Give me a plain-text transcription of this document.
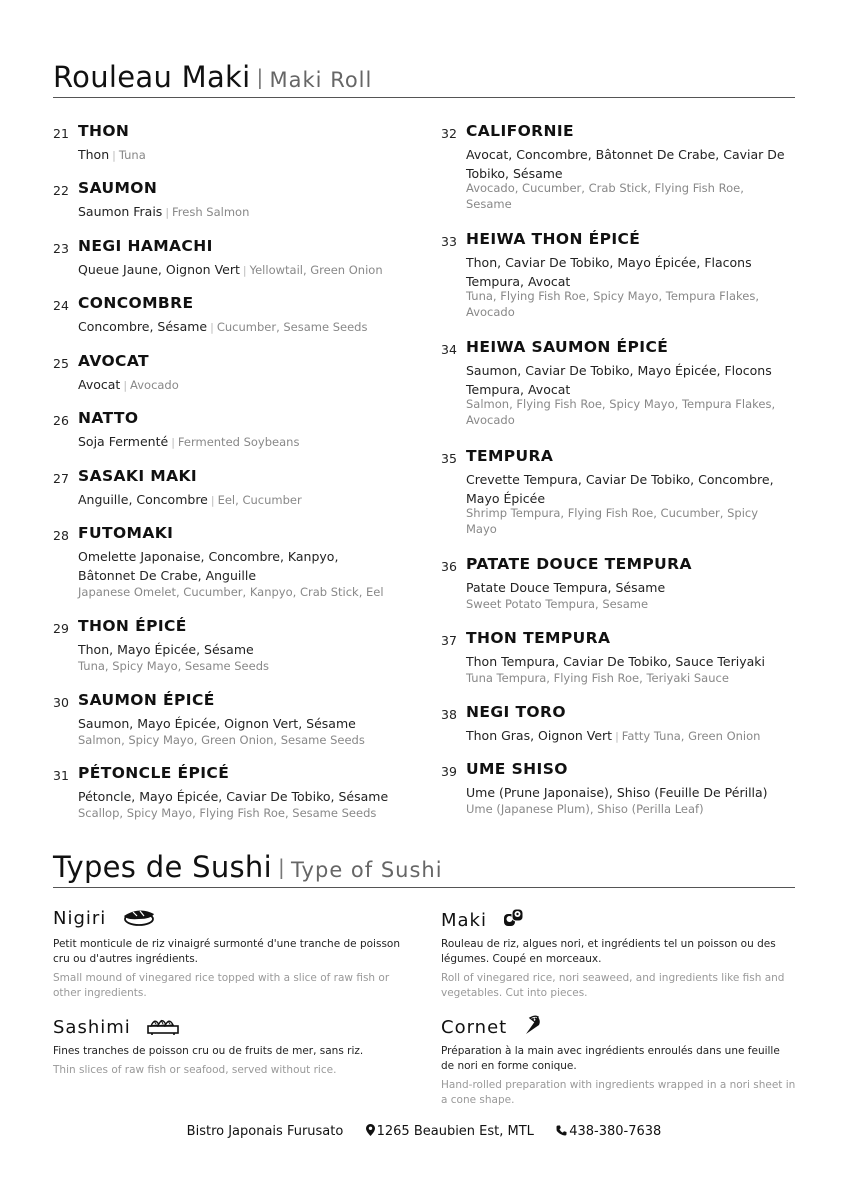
Rouleau Maki | Maki Roll
21 THON
Thon | Tuna
22 SAUMON
Saumon Frais | Fresh Salmon
23 NEGI HAMACHI
Queue Jaune, Oignon Vert | Yellowtail, Green Onion
24 CONCOMBRE
Concombre, Sésame | Cucumber, Sesame Seeds
25 AVOCAT
Avocat | Avocado
26 NATTO
Soja Fermenté | Fermented Soybeans
27 SASAKI MAKI
Anguille, Concombre | Eel, Cucumber
28 FUTOMAKI
Omelette Japonaise, Concombre, Kanpyo, Bâtonnet De Crabe, Anguille
Japanese Omelet, Cucumber, Kanpyo, Crab Stick, Eel
29 THON ÉPICÉ
Thon, Mayo Épicée, Sésame
Tuna, Spicy Mayo, Sesame Seeds
30 SAUMON ÉPICÉ
Saumon, Mayo Épicée, Oignon Vert, Sésame
Salmon, Spicy Mayo, Green Onion, Sesame Seeds
31 PÉTONCLE ÉPICÉ
Pétoncle, Mayo Épicée, Caviar De Tobiko, Sésame
Scallop, Spicy Mayo, Flying Fish Roe, Sesame Seeds
32 CALIFORNIE
Avocat, Concombre, Bâtonnet De Crabe, Caviar De Tobiko, Sésame
Avocado, Cucumber, Crab Stick, Flying Fish Roe, Sesame
33 HEIWA THON ÉPICÉ
Thon, Caviar De Tobiko, Mayo Épicée, Flacons Tempura, Avocat
Tuna, Flying Fish Roe, Spicy Mayo, Tempura Flakes, Avocado
34 HEIWA SAUMON ÉPICÉ
Saumon, Caviar De Tobiko, Mayo Épicée, Flocons Tempura, Avocat
Salmon, Flying Fish Roe, Spicy Mayo, Tempura Flakes, Avocado
35 TEMPURA
Crevette Tempura, Caviar De Tobiko, Concombre, Mayo Épicée
Shrimp Tempura, Flying Fish Roe, Cucumber, Spicy Mayo
36 PATATE DOUCE TEMPURA
Patate Douce Tempura, Sésame
Sweet Potato Tempura, Sesame
37 THON TEMPURA
Thon Tempura, Caviar De Tobiko, Sauce Teriyaki
Tuna Tempura, Flying Fish Roe, Teriyaki Sauce
38 NEGI TORO
Thon Gras, Oignon Vert | Fatty Tuna, Green Onion
39 UME SHISO
Ume (Prune Japonaise), Shiso (Feuille De Périlla)
Ume (Japanese Plum), Shiso (Perilla Leaf)
Types de Sushi | Type of Sushi
Nigiri
Petit monticule de riz vinaigré surmonté d'une tranche de poisson cru ou d'autres ingrédients.
Small mound of vinegared rice topped with a slice of raw fish or other ingredients.
Maki
Rouleau de riz, algues nori, et ingrédients tel un poisson ou des légumes. Coupé en morceaux.
Roll of vinegared rice, nori seaweed, and ingredients like fish and vegetables. Cut into pieces.
Sashimi
Fines tranches de poisson cru ou de fruits de mer, sans riz.
Thin slices of raw fish or seafood, served without rice.
Cornet
Préparation à la main avec ingrédients enroulés dans une feuille de nori en forme conique.
Hand-rolled preparation with ingredients wrapped in a nori sheet in a cone shape.
Bistro Japonais Furusato	1265 Beaubien Est, MTL	438-380-7638
